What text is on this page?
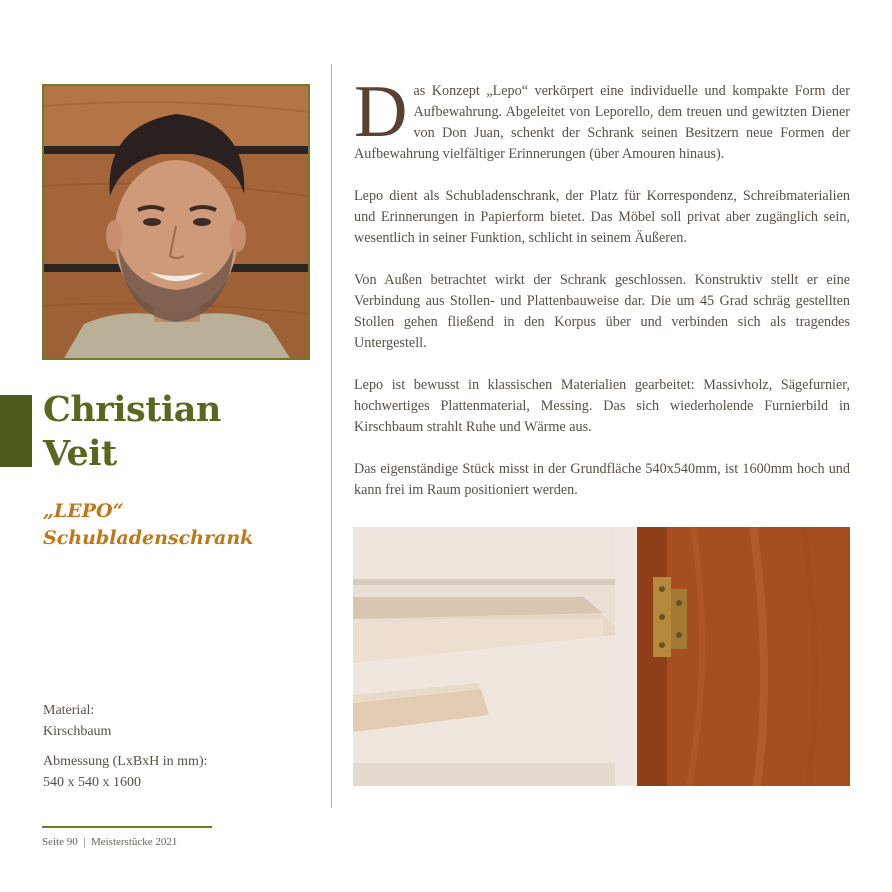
Christian
Veit
„LEPO“
Schubladenschrank
Material:
Kirschbaum
Abmessung (LxBxH in mm):
540 x 540 x 1600
Seite 90  |  Meisterstücke 2021

Das Konzept „Lepo“ verkörpert eine individuelle und kompakte Form der Aufbewahrung. Abgeleitet von Leporello, dem treuen und gewitzten Diener von Don Juan, schenkt der Schrank seinen Besitzern neue Formen der Aufbewahrung vielfältiger Erinnerungen (über Amouren hinaus).

Lepo dient als Schubladenschrank, der Platz für Korrespondenz, Schreibmaterialien und Erinnerungen in Papierform bietet. Das Möbel soll privat aber zugänglich sein, wesentlich in seiner Funktion, schlicht in seinem Äußeren.

Von Außen betrachtet wirkt der Schrank geschlossen. Konstruktiv stellt er eine Verbindung aus Stollen- und Plattenbauweise dar. Die um 45 Grad schräg gestellten Stollen gehen fließend in den Korpus über und verbinden sich als tragendes Untergestell.

Lepo ist bewusst in klassischen Materialien gearbeitet: Massivholz, Sägefurnier, hochwertiges Plattenmaterial, Messing. Das sich wiederholende Furnierbild in Kirschbaum strahlt Ruhe und Wärme aus.

Das eigenständige Stück misst in der Grundfläche 540x540mm, ist 1600mm hoch und kann frei im Raum positioniert werden.
